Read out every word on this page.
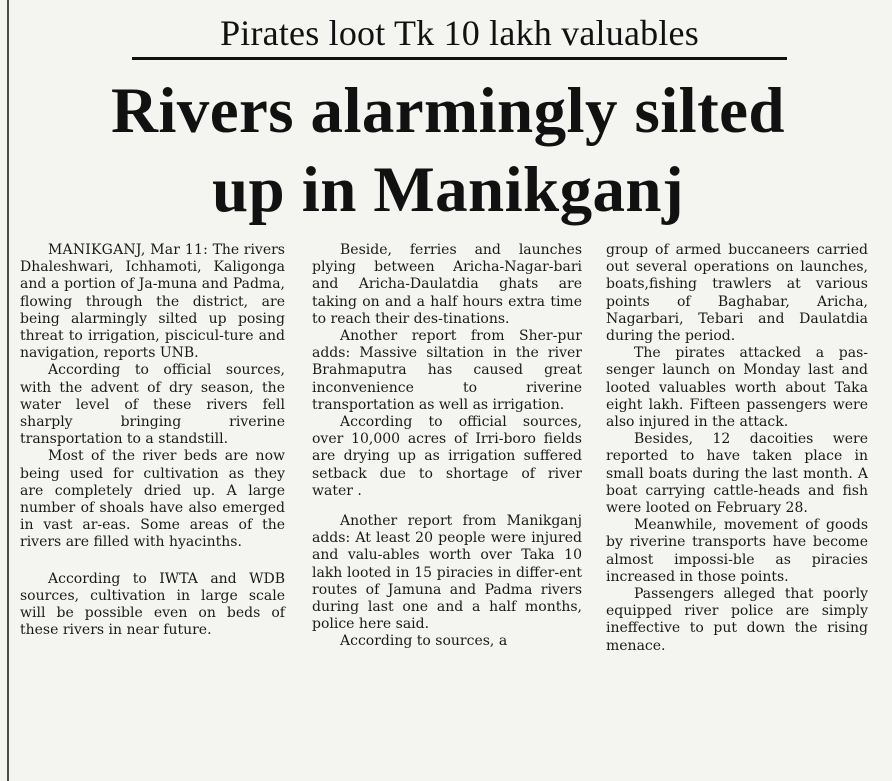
Pirates loot Tk 10 lakh valuables
Rivers alarmingly silted
up in Manikganj

MANIKGANJ, Mar 11: The rivers Dhaleshwari, Ichhamoti, Kaligonga and a portion of Ja-muna and Padma, flowing through the district, are being alarmingly silted up posing threat to irrigation, piscicul-ture and navigation, reports UNB.

According to official sources, with the advent of dry season, the water level of these rivers fell sharply bringing riverine transportation to a standstill.

Most of the river beds are now being used for cultivation as they are completely dried up. A large number of shoals have also emerged in vast ar-eas. Some areas of the rivers are filled with hyacinths.

According to IWTA and WDB sources, cultivation in large scale will be possible even on beds of these rivers in near future.

Beside, ferries and launches plying between Aricha-Nagar-bari and Aricha-Daulatdia ghats are taking on and a half hours extra time to reach their des-tinations.

Another report from Sher-pur adds: Massive siltation in the river Brahmaputra has caused great inconvenience to riverine transportation as well as irrigation.

According to official sources, over 10,000 acres of Irri-boro fields are drying up as irrigation suffered setback due to shortage of river water .

Another report from Manikganj adds: At least 20 people were injured and valu-ables worth over Taka 10 lakh looted in 15 piracies in differ-ent routes of Jamuna and Padma rivers during last one and a half months, police here said.

According to sources, a

group of armed buccaneers carried out several operations on launches, boats,fishing trawlers at various points of Baghabar, Aricha, Nagarbari, Tebari and Daulatdia during the period.

The pirates attacked a pas-senger launch on Monday last and looted valuables worth about Taka eight lakh. Fifteen passengers were also injured in the attack.

Besides, 12 dacoities were reported to have taken place in small boats during the last month. A boat carrying cattle-heads and fish were looted on February 28.

Meanwhile, movement of goods by riverine transports have become almost impossi-ble as piracies increased in those points.

Passengers alleged that poorly equipped river police are simply ineffective to put down the rising menace.
